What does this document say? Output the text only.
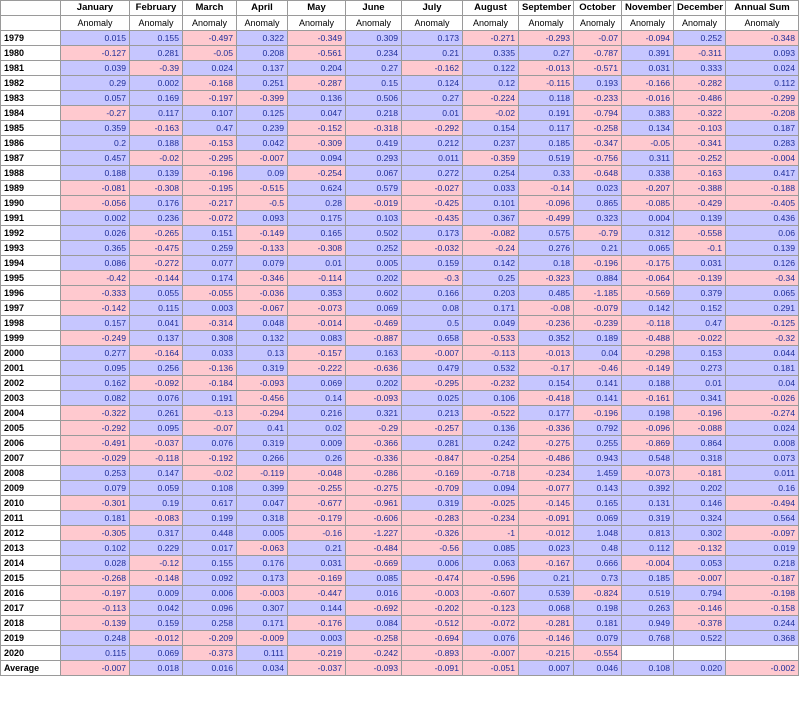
	January	February	March	April	May	June	July	August	September	October	November	December	Annual Sum
	Anomaly	Anomaly	Anomaly	Anomaly	Anomaly	Anomaly	Anomaly	Anomaly	Anomaly	Anomaly	Anomaly	Anomaly	Anomaly
1979	0.015	0.155	-0.497	0.322	-0.349	0.309	0.173	-0.271	-0.293	-0.07	-0.094	0.252	-0.348
1980	-0.127	0.281	-0.05	0.208	-0.561	0.234	0.21	0.335	0.27	-0.787	0.391	-0.311	0.093
1981	0.039	-0.39	0.024	0.137	0.204	0.27	-0.162	0.122	-0.013	-0.571	0.031	0.333	0.024
1982	0.29	0.002	-0.168	0.251	-0.287	0.15	0.124	0.12	-0.115	0.193	-0.166	-0.282	0.112
1983	0.057	0.169	-0.197	-0.399	0.136	0.506	0.27	-0.224	0.118	-0.233	-0.016	-0.486	-0.299
1984	-0.27	0.117	0.107	0.125	0.047	0.218	0.01	-0.02	0.191	-0.794	0.383	-0.322	-0.208
1985	0.359	-0.163	0.47	0.239	-0.152	-0.318	-0.292	0.154	0.117	-0.258	0.134	-0.103	0.187
1986	0.2	0.188	-0.153	0.042	-0.309	0.419	0.212	0.237	0.185	-0.347	-0.05	-0.341	0.283
1987	0.457	-0.02	-0.295	-0.007	0.094	0.293	0.011	-0.359	0.519	-0.756	0.311	-0.252	-0.004
1988	0.188	0.139	-0.196	0.09	-0.254	0.067	0.272	0.254	0.33	-0.648	0.338	-0.163	0.417
1989	-0.081	-0.308	-0.195	-0.515	0.624	0.579	-0.027	0.033	-0.14	0.023	-0.207	-0.388	-0.188
1990	-0.056	0.176	-0.217	-0.5	0.28	-0.019	-0.425	0.101	-0.096	0.865	-0.085	-0.429	-0.405
1991	0.002	0.236	-0.072	0.093	0.175	0.103	-0.435	0.367	-0.499	0.323	0.004	0.139	0.436
1992	0.026	-0.265	0.151	-0.149	0.165	0.502	0.173	-0.082	0.575	-0.79	0.312	-0.558	0.06
1993	0.365	-0.475	0.259	-0.133	-0.308	0.252	-0.032	-0.24	0.276	0.21	0.065	-0.1	0.139
1994	0.086	-0.272	0.077	0.079	0.01	0.005	0.159	0.142	0.18	-0.196	-0.175	0.031	0.126
1995	-0.42	-0.144	0.174	-0.346	-0.114	0.202	-0.3	0.25	-0.323	0.884	-0.064	-0.139	-0.34
1996	-0.333	0.055	-0.055	-0.036	0.353	0.602	0.166	0.203	0.485	-1.185	-0.569	0.379	0.065
1997	-0.142	0.115	0.003	-0.067	-0.073	0.069	0.08	0.171	-0.08	-0.079	0.142	0.152	0.291
1998	0.157	0.041	-0.314	0.048	-0.014	-0.469	0.5	0.049	-0.236	-0.239	-0.118	0.47	-0.125
1999	-0.249	0.137	0.308	0.132	0.083	-0.887	0.658	-0.533	0.352	0.189	-0.488	-0.022	-0.32
2000	0.277	-0.164	0.033	0.13	-0.157	0.163	-0.007	-0.113	-0.013	0.04	-0.298	0.153	0.044
2001	0.095	0.256	-0.136	0.319	-0.222	-0.636	0.479	0.532	-0.17	-0.46	-0.149	0.273	0.181
2002	0.162	-0.092	-0.184	-0.093	0.069	0.202	-0.295	-0.232	0.154	0.141	0.188	0.01	0.04
2003	0.082	0.076	0.191	-0.456	0.14	-0.093	0.025	0.106	-0.418	0.141	-0.161	0.341	-0.026
2004	-0.322	0.261	-0.13	-0.294	0.216	0.321	0.213	-0.522	0.177	-0.196	0.198	-0.196	-0.274
2005	-0.292	0.095	-0.07	0.41	0.02	-0.29	-0.257	0.136	-0.336	0.792	-0.096	-0.088	0.024
2006	-0.491	-0.037	0.076	0.319	0.009	-0.366	0.281	0.242	-0.275	0.255	-0.869	0.864	0.008
2007	-0.029	-0.118	-0.192	0.266	0.26	-0.336	-0.847	-0.254	-0.486	0.943	0.548	0.318	0.073
2008	0.253	0.147	-0.02	-0.119	-0.048	-0.286	-0.169	-0.718	-0.234	1.459	-0.073	-0.181	0.011
2009	0.079	0.059	0.108	0.399	-0.255	-0.275	-0.709	0.094	-0.077	0.143	0.392	0.202	0.16
2010	-0.301	0.19	0.617	0.047	-0.677	-0.961	0.319	-0.025	-0.145	0.165	0.131	0.146	-0.494
2011	0.181	-0.083	0.199	0.318	-0.179	-0.606	-0.283	-0.234	-0.091	0.069	0.319	0.324	0.564
2012	-0.305	0.317	0.448	0.005	-0.16	-1.227	-0.326	-1	-0.012	1.048	0.813	0.302	-0.097
2013	0.102	0.229	0.017	-0.063	0.21	-0.484	-0.56	0.085	0.023	0.48	0.112	-0.132	0.019
2014	0.028	-0.12	0.155	0.176	0.031	-0.669	0.006	0.063	-0.167	0.666	-0.004	0.053	0.218
2015	-0.268	-0.148	0.092	0.173	-0.169	0.085	-0.474	-0.596	0.21	0.73	0.185	-0.007	-0.187
2016	-0.197	0.009	0.006	-0.003	-0.447	0.016	-0.003	-0.607	0.539	-0.824	0.519	0.794	-0.198
2017	-0.113	0.042	0.096	0.307	0.144	-0.692	-0.202	-0.123	0.068	0.198	0.263	-0.146	-0.158
2018	-0.139	0.159	0.258	0.171	-0.176	0.084	-0.512	-0.072	-0.281	0.181	0.949	-0.378	0.244
2019	0.248	-0.012	-0.209	-0.009	0.003	-0.258	-0.694	0.076	-0.146	0.079	0.768	0.522	0.368
2020	0.115	0.069	-0.373	0.111	-0.219	-0.242	-0.893	-0.007	-0.215	-0.554			
Average	-0.007	0.018	0.016	0.034	-0.037	-0.093	-0.091	-0.051	0.007	0.046	0.108	0.020	-0.002
